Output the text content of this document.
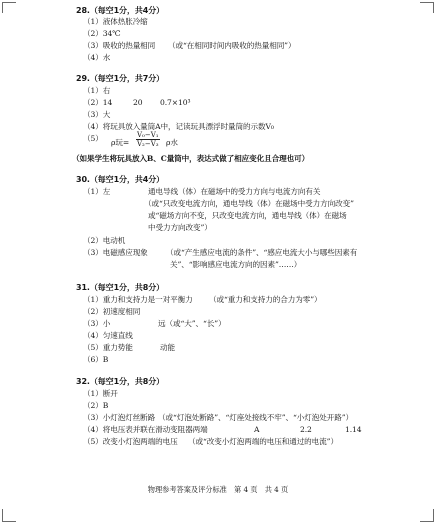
28.（每空1分，共4分）
（1）液体热胀冷缩
（2）34℃
（3）吸收的热量相同 （或“在相同时间内吸收的热量相同”）
（4）水
29.（每空1分，共7分）
（1）右
（2）14	20 0.7×10³
（3）大
（4）将玩具放入量筒A中，记读玩具漂浮时量筒的示数V₀
（5） ρ玩= $\frac{\text{V₀−V₁}}{\text{V₂−V₃}}$ ρ水
（如果学生将玩具放入B、C量筒中，表达式做了相应变化且合理也可）
30.（每空1分，共4分）
（1）左	通电导线（体）在磁场中的受力方向与电流方向有关
（或“只改变电流方向，通电导线（体）在磁场中受力方向改变”
或“磁场方向不变，只改变电流方向，通电导线（体）在磁场
中受力方向改变”）
（2）电动机
（3）电磁感应现象 （或“产生感应电流的条件”、“感应电流大小与哪些因素有
关”、“影响感应电流方向的因素”……）
31.（每空1分，共8分）
（1）重力和支持力是一对平衡力 （或“重力和支持力的合力为零”）
（2）初速度相同
（3）小	远（或“大”、“长”）
（4）匀速直线
（5）重力势能	动能
（6）B
32.（每空1分，共8分）
（1）断开
（2）B
（3）小灯泡灯丝断路 （或“灯泡处断路”、“灯座处接线不牢”、“小灯泡处开路”）
（4）将电压表并联在滑动变阻器两端	A	2.2	1.14
（5）改变小灯泡两端的电压 （或“改变小灯泡两端的电压和通过的电流”）
物理参考答案及评分标准　第 4 页　共 4 页
